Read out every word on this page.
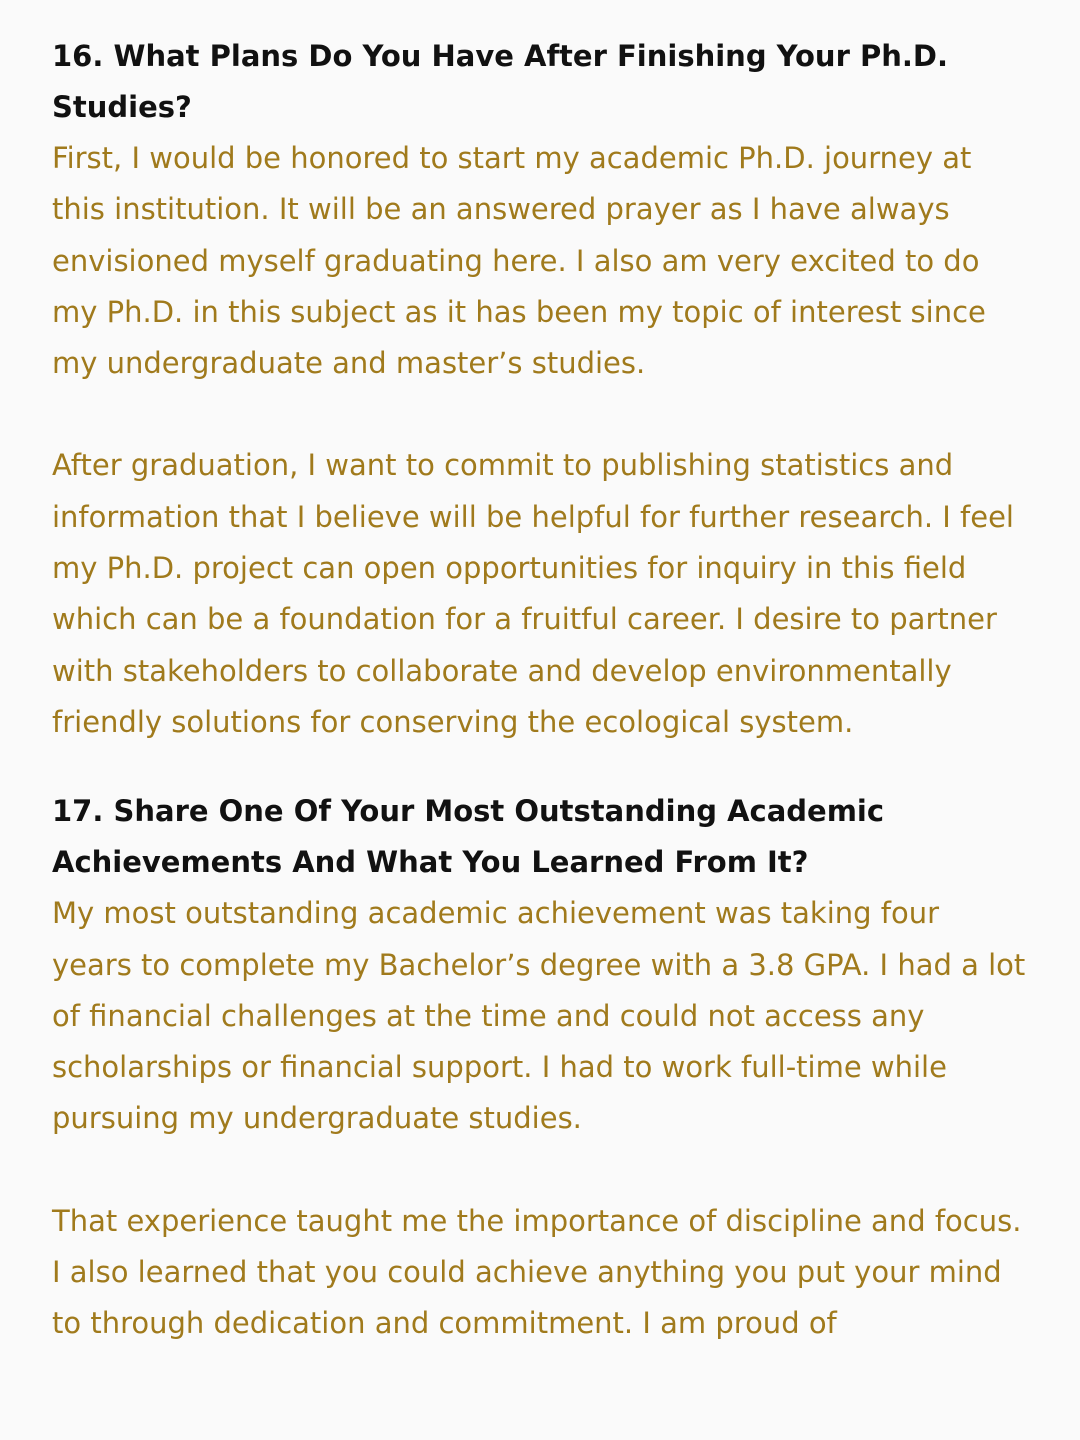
16. What Plans Do You Have After Finishing Your Ph.D. Studies?

First, I would be honored to start my academic Ph.D. journey at this institution. It will be an answered prayer as I have always envisioned myself graduating here. I also am very excited to do my Ph.D. in this subject as it has been my topic of interest since my undergraduate and master’s studies.

After graduation, I want to commit to publishing statistics and information that I believe will be helpful for further research. I feel my Ph.D. project can open opportunities for inquiry in this field which can be a foundation for a fruitful career. I desire to partner with stakeholders to collaborate and develop environmentally friendly solutions for conserving the ecological system.

17. Share One Of Your Most Outstanding Academic Achievements And What You Learned From It?

My most outstanding academic achievement was taking four years to complete my Bachelor’s degree with a 3.8 GPA. I had a lot of financial challenges at the time and could not access any scholarships or financial support. I had to work full-time while pursuing my undergraduate studies.

That experience taught me the importance of discipline and focus. I also learned that you could achieve anything you put your mind to through dedication and commitment. I am proud of
